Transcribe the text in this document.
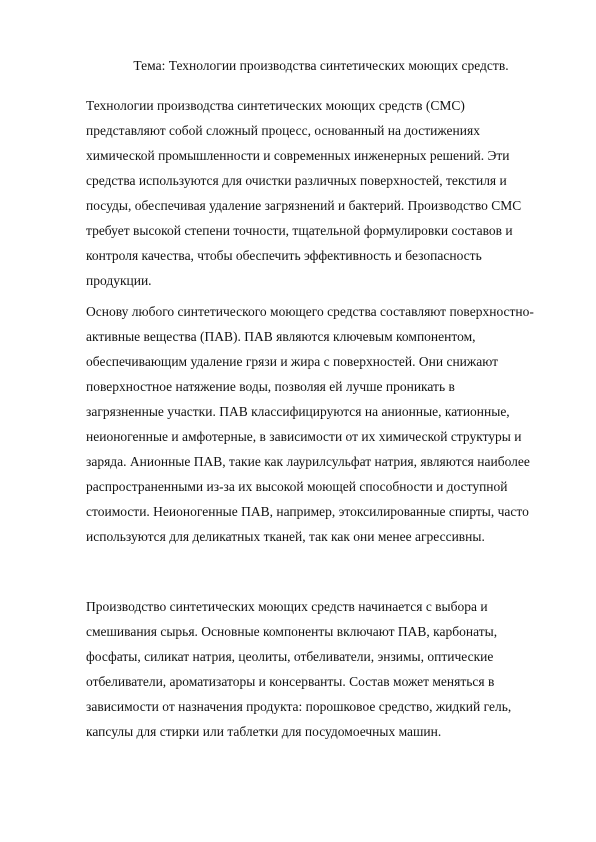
Тема: Технологии производства синтетических моющих средств.
Технологии производства синтетических моющих средств (СМС)
представляют собой сложный процесс, основанный на достижениях
химической промышленности и современных инженерных решений. Эти
средства используются для очистки различных поверхностей, текстиля и
посуды, обеспечивая удаление загрязнений и бактерий. Производство СМС
требует высокой степени точности, тщательной формулировки составов и
контроля качества, чтобы обеспечить эффективность и безопасность
продукции.
Основу любого синтетического моющего средства составляют поверхностно-
активные вещества (ПАВ). ПАВ являются ключевым компонентом,
обеспечивающим удаление грязи и жира с поверхностей. Они снижают
поверхностное натяжение воды, позволяя ей лучше проникать в
загрязненные участки. ПАВ классифицируются на анионные, катионные,
неионогенные и амфотерные, в зависимости от их химической структуры и
заряда. Анионные ПАВ, такие как лаурилсульфат натрия, являются наиболее
распространенными из-за их высокой моющей способности и доступной
стоимости. Неионогенные ПАВ, например, этоксилированные спирты, часто
используются для деликатных тканей, так как они менее агрессивны.
Производство синтетических моющих средств начинается с выбора и
смешивания сырья. Основные компоненты включают ПАВ, карбонаты,
фосфаты, силикат натрия, цеолиты, отбеливатели, энзимы, оптические
отбеливатели, ароматизаторы и консерванты. Состав может меняться в
зависимости от назначения продукта: порошковое средство, жидкий гель,
капсулы для стирки или таблетки для посудомоечных машин.
